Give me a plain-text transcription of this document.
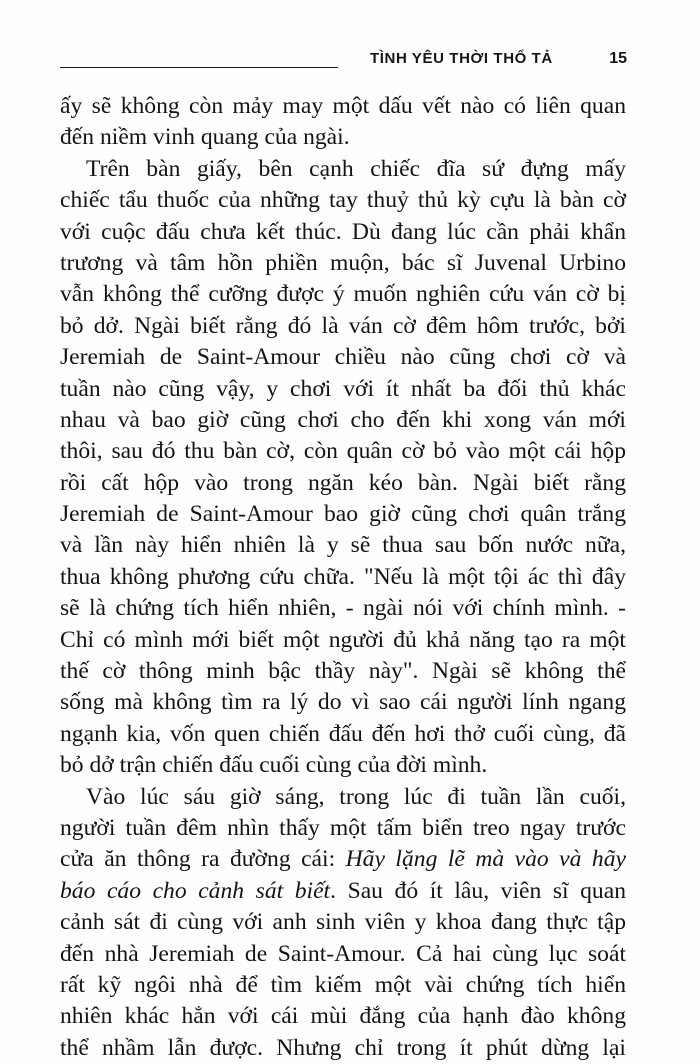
TÌNH YÊU THỜI THỔ TẢ	15
ấy sẽ không còn mảy may một dấu vết nào có liên quan
đến niềm vinh quang của ngài.
Trên bàn giấy, bên cạnh chiếc đĩa sứ đựng mấy
chiếc tẩu thuốc của những tay thuỷ thủ kỳ cựu là bàn cờ
với cuộc đấu chưa kết thúc. Dù đang lúc cần phải khẩn
trương và tâm hồn phiền muộn, bác sĩ Juvenal Urbino
vẫn không thể cưỡng được ý muốn nghiên cứu ván cờ bị
bỏ dở. Ngài biết rằng đó là ván cờ đêm hôm trước, bởi
Jeremiah de Saint-Amour chiều nào cũng chơi cờ và
tuần nào cũng vậy, y chơi với ít nhất ba đối thủ khác
nhau và bao giờ cũng chơi cho đến khi xong ván mới
thôi, sau đó thu bàn cờ, còn quân cờ bỏ vào một cái hộp
rồi cất hộp vào trong ngăn kéo bàn. Ngài biết rằng
Jeremiah de Saint-Amour bao giờ cũng chơi quân trắng
và lần này hiển nhiên là y sẽ thua sau bốn nước nữa,
thua không phương cứu chữa. "Nếu là một tội ác thì đây
sẽ là chứng tích hiển nhiên, - ngài nói với chính mình. -
Chỉ có mình mới biết một người đủ khả năng tạo ra một
thế cờ thông minh bậc thầy này". Ngài sẽ không thể
sống mà không tìm ra lý do vì sao cái người lính ngang
ngạnh kia, vốn quen chiến đấu đến hơi thở cuối cùng, đã
bỏ dở trận chiến đấu cuối cùng của đời mình.
Vào lúc sáu giờ sáng, trong lúc đi tuần lần cuối,
người tuần đêm nhìn thấy một tấm biển treo ngay trước
cửa ăn thông ra đường cái: Hãy lặng lẽ mà vào và hãy
báo cáo cho cảnh sát biết. Sau đó ít lâu, viên sĩ quan
cảnh sát đi cùng với anh sinh viên y khoa đang thực tập
đến nhà Jeremiah de Saint-Amour. Cả hai cùng lục soát
rất kỹ ngôi nhà để tìm kiếm một vài chứng tích hiển
nhiên khác hẳn với cái mùi đắng của hạnh đào không
thể nhầm lẫn được. Nhưng chỉ trong ít phút dừng lại
